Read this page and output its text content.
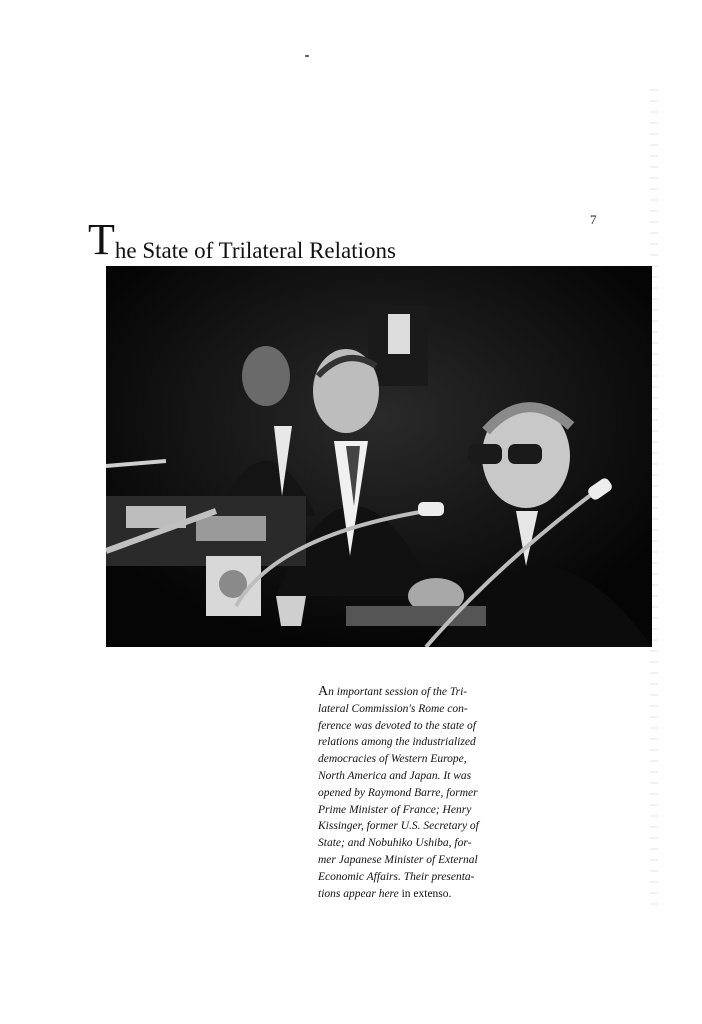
7
The State of Trilateral Relations
An important session of the Tri-
lateral Commission's Rome con-
ference was devoted to the state of
relations among the industrialized
democracies of Western Europe,
North America and Japan. It was
opened by Raymond Barre, former
Prime Minister of France; Henry
Kissinger, former U.S. Secretary of
State; and Nobuhiko Ushiba, for-
mer Japanese Minister of External
Economic Affairs. Their presenta-
tions appear here in extenso.
